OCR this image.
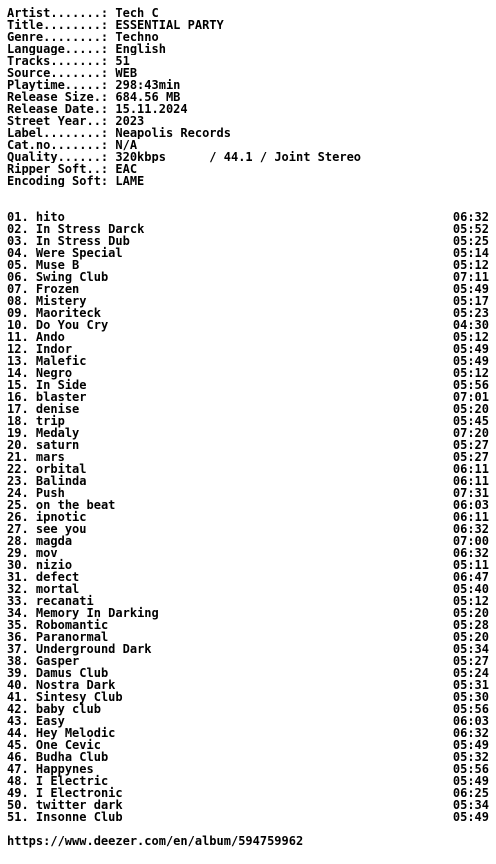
Artist.......: Tech C
Title........: ESSENTIAL PARTY
Genre........: Techno
Language.....: English
Tracks.......: 51
Source.......: WEB
Playtime.....: 298:43min
Release Size.: 684.56 MB
Release Date.: 15.11.2024
Street Year..: 2023
Label........: Neapolis Records
Cat.no.......: N/A
Quality......: 320kbps      / 44.1 / Joint Stereo
Ripper Soft..: EAC
Encoding Soft: LAME
01. hito	06:32
02. In Stress Darck	05:52
03. In Stress Dub	05:25
04. Were Special	05:14
05. Muse B	05:12
06. Swing Club	07:11
07. Frozen	05:49
08. Mistery	05:17
09. Maoriteck	05:23
10. Do You Cry	04:30
11. Ando	05:12
12. Indor	05:49
13. Malefic	05:49
14. Negro	05:12
15. In Side	05:56
16. blaster	07:01
17. denise	05:20
18. trip	05:45
19. Medaly	07:20
20. saturn	05:27
21. mars	05:27
22. orbital	06:11
23. Balinda	06:11
24. Push	07:31
25. on the beat	06:03
26. ipnotic	06:11
27. see you	06:32
28. magda	07:00
29. mov	06:32
30. nizio	05:11
31. defect	06:47
32. mortal	05:40
33. recanati	05:12
34. Memory In Darking	05:20
35. Robomantic	05:28
36. Paranormal	05:20
37. Underground Dark	05:34
38. Gasper	05:27
39. Damus Club	05:24
40. Nostra Dark	05:31
41. Sintesy Club	05:30
42. baby club	05:56
43. Easy	06:03
44. Hey Melodic	06:32
45. One Cevic	05:49
46. Budha Club	05:32
47. Happynes	05:56
48. I Electric	05:49
49. I Electronic	06:25
50. twitter dark	05:34
51. Insonne Club	05:49
https://www.deezer.com/en/album/594759962
